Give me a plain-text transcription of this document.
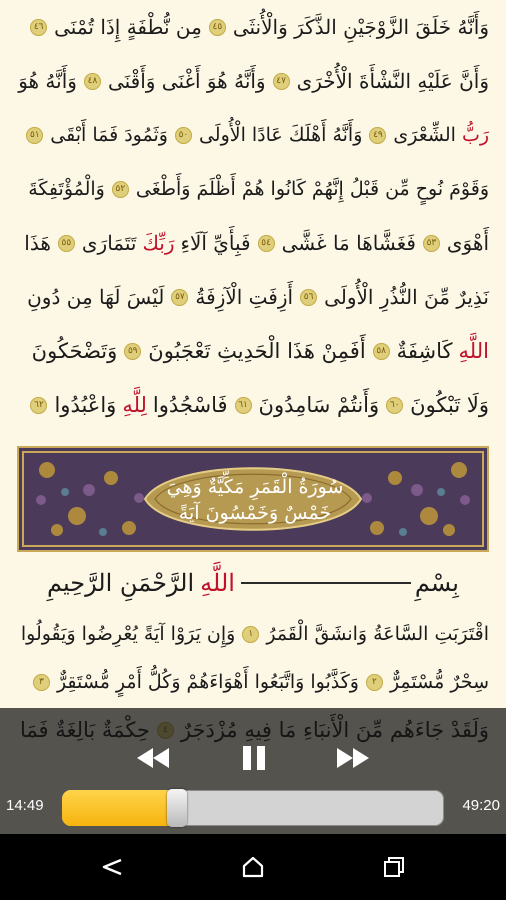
وَأَنَّهُ خَلَقَ الزَّوْجَيْنِ الذَّكَرَ وَالْأُنثَى
٤٥
مِن نُّطْفَةٍ إِذَا تُمْنَى
٤٦
وَأَنَّ عَلَيْهِ النَّشْأَةَ الْأُخْرَى
٤٧
وَأَنَّهُ هُوَ أَغْنَى وَأَقْنَى
٤٨
وَأَنَّهُ هُوَ
رَبُّ
الشِّعْرَى
٤٩
وَأَنَّهُ أَهْلَكَ عَادًا الْأُولَى
٥٠
وَثَمُودَ فَمَا أَبْقَى
٥١
وَقَوْمَ نُوحٍ مِّن قَبْلُ إِنَّهُمْ كَانُوا هُمْ أَظْلَمَ وَأَطْغَى
٥٢
وَالْمُؤْتَفِكَةَ
أَهْوَى
٥٣
فَغَشَّاهَا مَا غَشَّى
٥٤
فَبِأَيِّ آلَاءِ
رَبِّكَ
تَتَمَارَى
٥٥
هَذَا
نَذِيرٌ مِّنَ النُّذُرِ الْأُولَى
٥٦
أَزِفَتِ الْآزِفَةُ
٥٧
لَيْسَ لَهَا مِن دُونِ
اللَّهِ
كَاشِفَةٌ
٥٨
أَفَمِنْ هَذَا الْحَدِيثِ تَعْجَبُونَ
٥٩
وَتَضْحَكُونَ
وَلَا تَبْكُونَ
٦٠
وَأَنتُمْ سَامِدُونَ
٦١
فَاسْجُدُوا
لِلَّهِ
وَاعْبُدُوا
٦٢
سُورَةُ الْقَمَرِ مَكِّيَّةٌ وَهِيَ
خَمْسٌ وَخَمْسُونَ آيَةً
بِسْمِ
اللَّهِ
الرَّحْمَنِ الرَّحِيمِ
اقْتَرَبَتِ السَّاعَةُ وَانشَقَّ الْقَمَرُ
١
وَإِن يَرَوْا آيَةً يُعْرِضُوا وَيَقُولُوا
سِحْرٌ مُّسْتَمِرٌّ
٢
وَكَذَّبُوا وَاتَّبَعُوا أَهْوَاءَهُمْ وَكُلُّ أَمْرٍ مُّسْتَقِرٌّ
٣
14:49	49:20
